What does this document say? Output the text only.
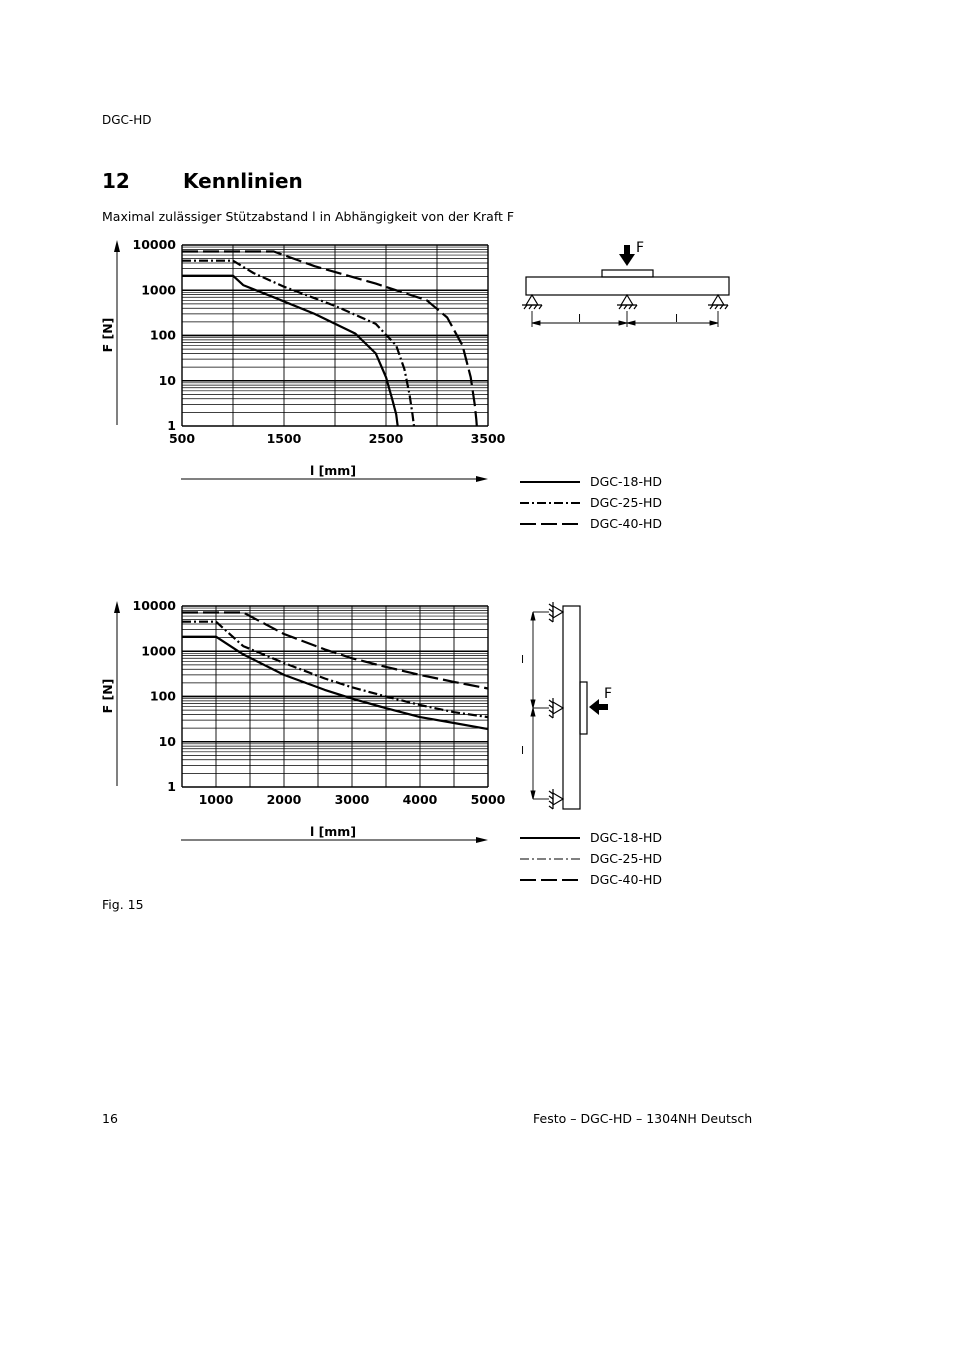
DGC-HD
12	Kennlinien
Maximal zulässiger Stützabstand l in Abhängigkeit von der Kraft F
10000
1000
100
10
1
500	1500	2500	3500
F [N]
l [mm]
10000
1000
100
10
1
1000	2000	3000	4000	5000
F [N]
l [mm]
l	l
F
l
l
F
DGC-18-HD
DGC-25-HD
DGC-40-HD
DGC-18-HD
DGC-25-HD
DGC-40-HD
Fig. 15
16	Festo – DGC-HD – 1304NH Deutsch
